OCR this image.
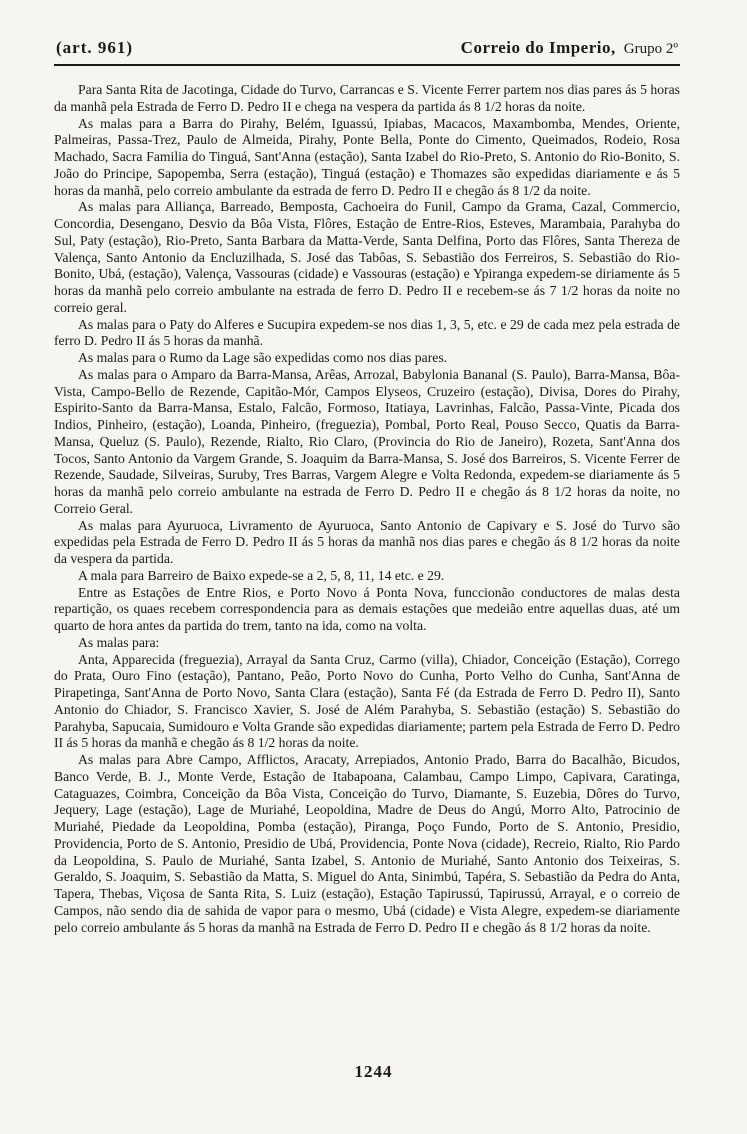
(art. 961)	Correio do Imperio, Grupo 2º

Para Santa Rita de Jacotinga, Cidade do Turvo, Carrancas e S. Vicente Ferrer partem nos dias pares ás 5 horas da manhã pela Estrada de Ferro D. Pedro II e chega na vespera da partida ás 8 1/2 horas da noite.

As malas para a Barra do Pirahy, Belém, Iguassú, Ipiabas, Macacos, Maxambomba, Mendes, Oriente, Palmeiras, Passa-Trez, Paulo de Almeida, Pirahy, Ponte Bella, Ponte do Cimento, Queimados, Rodeio, Rosa Machado, Sacra Familia do Tinguá, Sant'Anna (estação), Santa Izabel do Rio-Preto, S. Antonio do Rio-Bonito, S. João do Principe, Sapopemba, Serra (estação), Tinguá (estação) e Thomazes são expedidas diariamente e ás 5 horas da manhã, pelo correio ambulante da estrada de ferro D. Pedro II e chegão ás 8 1/2 da noite.

As malas para Alliança, Barreado, Bemposta, Cachoeira do Funil, Campo da Grama, Cazal, Commercio, Concordia, Desengano, Desvio da Bôa Vista, Flôres, Estação de Entre-Rios, Esteves, Marambaia, Parahyba do Sul, Paty (estação), Rio-Preto, Santa Barbara da Matta-Verde, Santa Delfina, Porto das Flôres, Santa Thereza de Valença, Santo Antonio da Encluzilhada, S. José das Tabôas, S. Sebastião dos Ferreiros, S. Sebastião do Rio-Bonito, Ubá, (estação), Valença, Vassouras (cidade) e Vassouras (estação) e Ypiranga expedem-se diriamente ás 5 horas da manhã pelo correio ambulante na estrada de ferro D. Pedro II e recebem-se ás 7 1/2 horas da noite no correio geral.

As malas para o Paty do Alferes e Sucupira expedem-se nos dias 1, 3, 5, etc. e 29 de cada mez pela estrada de ferro D. Pedro II ás 5 horas da manhã.

As malas para o Rumo da Lage são expedidas como nos dias pares.

As malas para o Amparo da Barra-Mansa, Arêas, Arrozal, Babylonia Bananal (S. Paulo), Barra-Mansa, Bôa-Vista, Campo-Bello de Rezende, Capitão-Mór, Campos Elyseos, Cruzeiro (estação), Divisa, Dores do Pirahy, Espirito-Santo da Barra-Mansa, Estalo, Falcão, Formoso, Itatiaya, Lavrinhas, Falcão, Passa-Vinte, Picada dos Indios, Pinheiro, (estação), Loanda, Pinheiro, (freguezia), Pombal, Porto Real, Pouso Secco, Quatis da Barra-Mansa, Queluz (S. Paulo), Rezende, Rialto, Rio Claro, (Provincia do Rio de Janeiro), Rozeta, Sant'Anna dos Tocos, Santo Antonio da Vargem Grande, S. Joaquim da Barra-Mansa, S. José dos Barreiros, S. Vicente Ferrer de Rezende, Saudade, Silveiras, Suruby, Tres Barras, Vargem Alegre e Volta Redonda, expedem-se diariamente ás 5 horas da manhã pelo correio ambulante na estrada de Ferro D. Pedro II e chegão ás 8 1/2 horas da noite, no Correio Geral.

As malas para Ayuruoca, Livramento de Ayuruoca, Santo Antonio de Capivary e S. José do Turvo são expedidas pela Estrada de Ferro D. Pedro II ás 5 horas da manhã nos dias pares e chegão ás 8 1/2 horas da noite da vespera da partida.

A mala para Barreiro de Baixo expede-se a 2, 5, 8, 11, 14 etc. e 29.

Entre as Estações de Entre Rios, e Porto Novo á Ponta Nova, funccionão conductores de malas desta repartição, os quaes recebem correspondencia para as demais estações que medeião entre aquellas duas, até um quarto de hora antes da partida do trem, tanto na ida, como na volta.

As malas para:

Anta, Apparecida (freguezia), Arrayal da Santa Cruz, Carmo (villa), Chiador, Conceição (Estação), Corrego do Prata, Ouro Fino (estação), Pantano, Peão, Porto Novo do Cunha, Porto Velho do Cunha, Sant'Anna de Pirapetinga, Sant'Anna de Porto Novo, Santa Clara (estação), Santa Fé (da Estrada de Ferro D. Pedro II), Santo Antonio do Chiador, S. Francisco Xavier, S. José de Além Parahyba, S. Sebastião (estação) S. Sebastião do Parahyba, Sapucaia, Sumidouro e Volta Grande são expedidas diariamente; partem pela Estrada de Ferro D. Pedro II ás 5 horas da manhã e chegão ás 8 1/2 horas da noite.

As malas para Abre Campo, Afflictos, Aracaty, Arrepiados, Antonio Prado, Barra do Bacalhão, Bicudos, Banco Verde, B. J., Monte Verde, Estação de Itabapoana, Calambau, Campo Limpo, Capivara, Caratinga, Cataguazes, Coimbra, Conceição da Bôa Vista, Conceição do Turvo, Diamante, S. Euzebia, Dôres do Turvo, Jequery, Lage (estação), Lage de Muriahé, Leopoldina, Madre de Deus do Angú, Morro Alto, Patrocinio de Muriahé, Piedade da Leopoldina, Pomba (estação), Piranga, Poço Fundo, Porto de S. Antonio, Presidio, Providencia, Porto de S. Antonio, Presidio de Ubá, Providencia, Ponte Nova (cidade), Recreio, Rialto, Rio Pardo da Leopoldina, S. Paulo de Muriahé, Santa Izabel, S. Antonio de Muriahé, Santo Antonio dos Teixeiras, S. Geraldo, S. Joaquim, S. Sebastião da Matta, S. Miguel do Anta, Sinimbú, Tapéra, S. Sebastião da Pedra do Anta, Tapera, Thebas, Viçosa de Santa Rita, S. Luiz (estação), Estação Tapirussú, Tapirussú, Arrayal, e o correio de Campos, não sendo dia de sahida de vapor para o mesmo, Ubá (cidade) e Vista Alegre, expedem-se diariamente pelo correio ambulante ás 5 horas da manhã na Estrada de Ferro D. Pedro II e chegão ás 8 1/2 horas da noite.

1244
